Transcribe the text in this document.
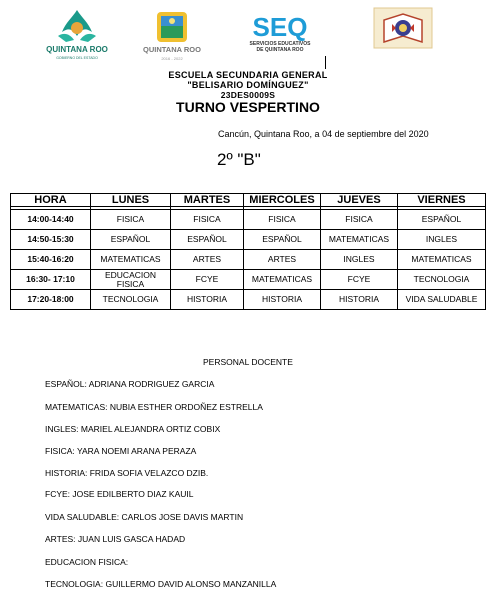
QUINTANA ROO
GOBIERNO DEL ESTADO
QUINTANA ROO
2016 - 2022
SEQ
SERVICIOS EDUCATIVOS
DE QUINTANA ROO
ESCUELA SECUNDARIA GENERAL
"BELISARIO DOMÍNGUEZ"
23DES0009S
TURNO VESPERTINO
Cancún, Quintana Roo, a 04 de septiembre del 2020
2º "B"
HORA	LUNES	MARTES	MIERCOLES	JUEVES	VIERNES

14:00-14:40	FISICA	FISICA	FISICA	FISICA	ESPAÑOL
14:50-15:30	ESPAÑOL	ESPAÑOL	ESPAÑOL	MATEMATICAS	INGLES
15:40-16:20	MATEMATICAS	ARTES	ARTES	INGLES	MATEMATICAS
16:30- 17:10	EDUCACION FISICA	FCYE	MATEMATICAS	FCYE	TECNOLOGIA
17:20-18:00	TECNOLOGIA	HISTORIA	HISTORIA	HISTORIA	VIDA SALUDABLE
PERSONAL DOCENTE
ESPAÑOL: ADRIANA RODRIGUEZ GARCIA
MATEMATICAS: NUBIA ESTHER ORDOÑEZ ESTRELLA
INGLES: MARIEL ALEJANDRA ORTIZ COBIX
FISICA: YARA NOEMI ARANA PERAZA
HISTORIA: FRIDA SOFIA VELAZCO DZIB.
FCYE: JOSE EDILBERTO DIAZ KAUIL
VIDA SALUDABLE: CARLOS JOSE DAVIS MARTIN
ARTES: JUAN LUIS GASCA HADAD
EDUCACION FISICA:
TECNOLOGIA: GUILLERMO DAVID ALONSO MANZANILLA
